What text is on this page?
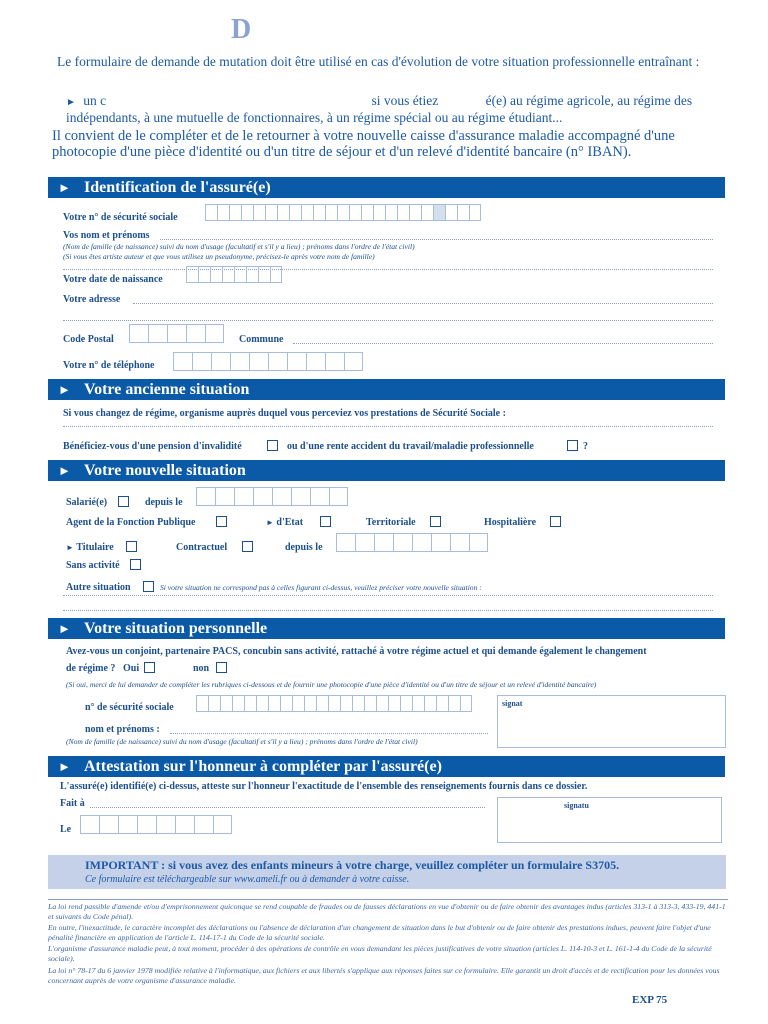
D
Le formulaire de demande de mutation doit être utilisé en cas d'évolution de votre situation professionnelle entraînant :
► un c	si vous étiez	é(e) au régime agricole, au régime des indépendants, à une mutuelle de fonctionnaires, à un régime spécial ou au régime étudiant...
Il convient de le compléter et de le retourner à votre nouvelle caisse d'assurance maladie accompagné d'une photocopie d'une pièce d'identité ou d'un titre de séjour et d'un relevé d'identité bancaire (n° IBAN).
► Identification de l'assuré(e)
Votre n° de sécurité sociale
Vos nom et prénoms
(Nom de famille (de naissance) suivi du nom d'usage (facultatif et s'il y a lieu) ; prénoms dans l'ordre de l'état civil)
(Si vous êtes artiste auteur et que vous utilisez un pseudonyme, précisez-le après votre nom de famille)
Votre date de naissance
Votre adresse
Code Postal	Commune
Votre n° de téléphone
► Votre ancienne situation
Si vous changez de régime, organisme auprès duquel vous perceviez vos prestations de Sécurité Sociale :
Bénéficiez-vous d'une pension d'invalidité	ou d'une rente accident du travail/maladie professionnelle	?
► Votre nouvelle situation
Salarié(e)	depuis le
Agent de la Fonction Publique	► d'Etat	Territoriale	Hospitalière
► Titulaire	Contractuel	depuis le
Sans activité
Autre situation	Si votre situation ne correspond pas à celles figurant ci-dessus, veuillez préciser votre nouvelle situation :
► Votre situation personnelle
Avez-vous un conjoint, partenaire PACS, concubin sans activité, rattaché à votre régime actuel et qui demande également le changement
de régime ? Oui	non
(Si oui, merci de lui demander de compléter les rubriques ci-dessous et de fournir une photocopie d'une pièce d'identité ou d'un titre de séjour et un relevé d'identité bancaire)
n° de sécurité sociale
nom et prénoms :
(Nom de famille (de naissance) suivi du nom d'usage (facultatif et s'il y a lieu) ; prénoms dans l'ordre de l'état civil)
signat
► Attestation sur l'honneur à compléter par l'assuré(e)
L'assuré(e) identifié(e) ci-dessus, atteste sur l'honneur l'exactitude de l'ensemble des renseignements fournis dans ce dossier.
Fait à
Le
signatu
IMPORTANT : si vous avez des enfants mineurs à votre charge, veuillez compléter un formulaire S3705.
Ce formulaire est téléchargeable sur www.ameli.fr ou à demander à votre caisse.
La loi rend passible d'amende et/ou d'emprisonnement quiconque se rend coupable de fraudes ou de fausses déclarations en vue d'obtenir ou de faire obtenir des avantages indus (articles 313-1 à 313-3, 433-19, 441-1 et suivants du Code pénal).
En outre, l'inexactitude, le caractère incomplet des déclarations ou l'absence de déclaration d'un changement de situation dans le but d'obtenir ou de faire obtenir des prestations indues, peuvent faire l'objet d'une pénalité financière en application de l'article L. 114-17-1 du Code de la sécurité sociale.
L'organisme d'assurance maladie peut, à tout moment, procéder à des opérations de contrôle en vous demandant les pièces justificatives de votre situation (articles L. 114-10-3 et L. 161-1-4 du Code de la sécurité sociale).
La loi n° 78-17 du 6 janvier 1978 modifiée relative à l'informatique, aux fichiers et aux libertés s'applique aux réponses faites sur ce formulaire. Elle garantit un droit d'accès et de rectification pour les données vous concernant auprès de votre organisme d'assurance maladie.
EXP 75
